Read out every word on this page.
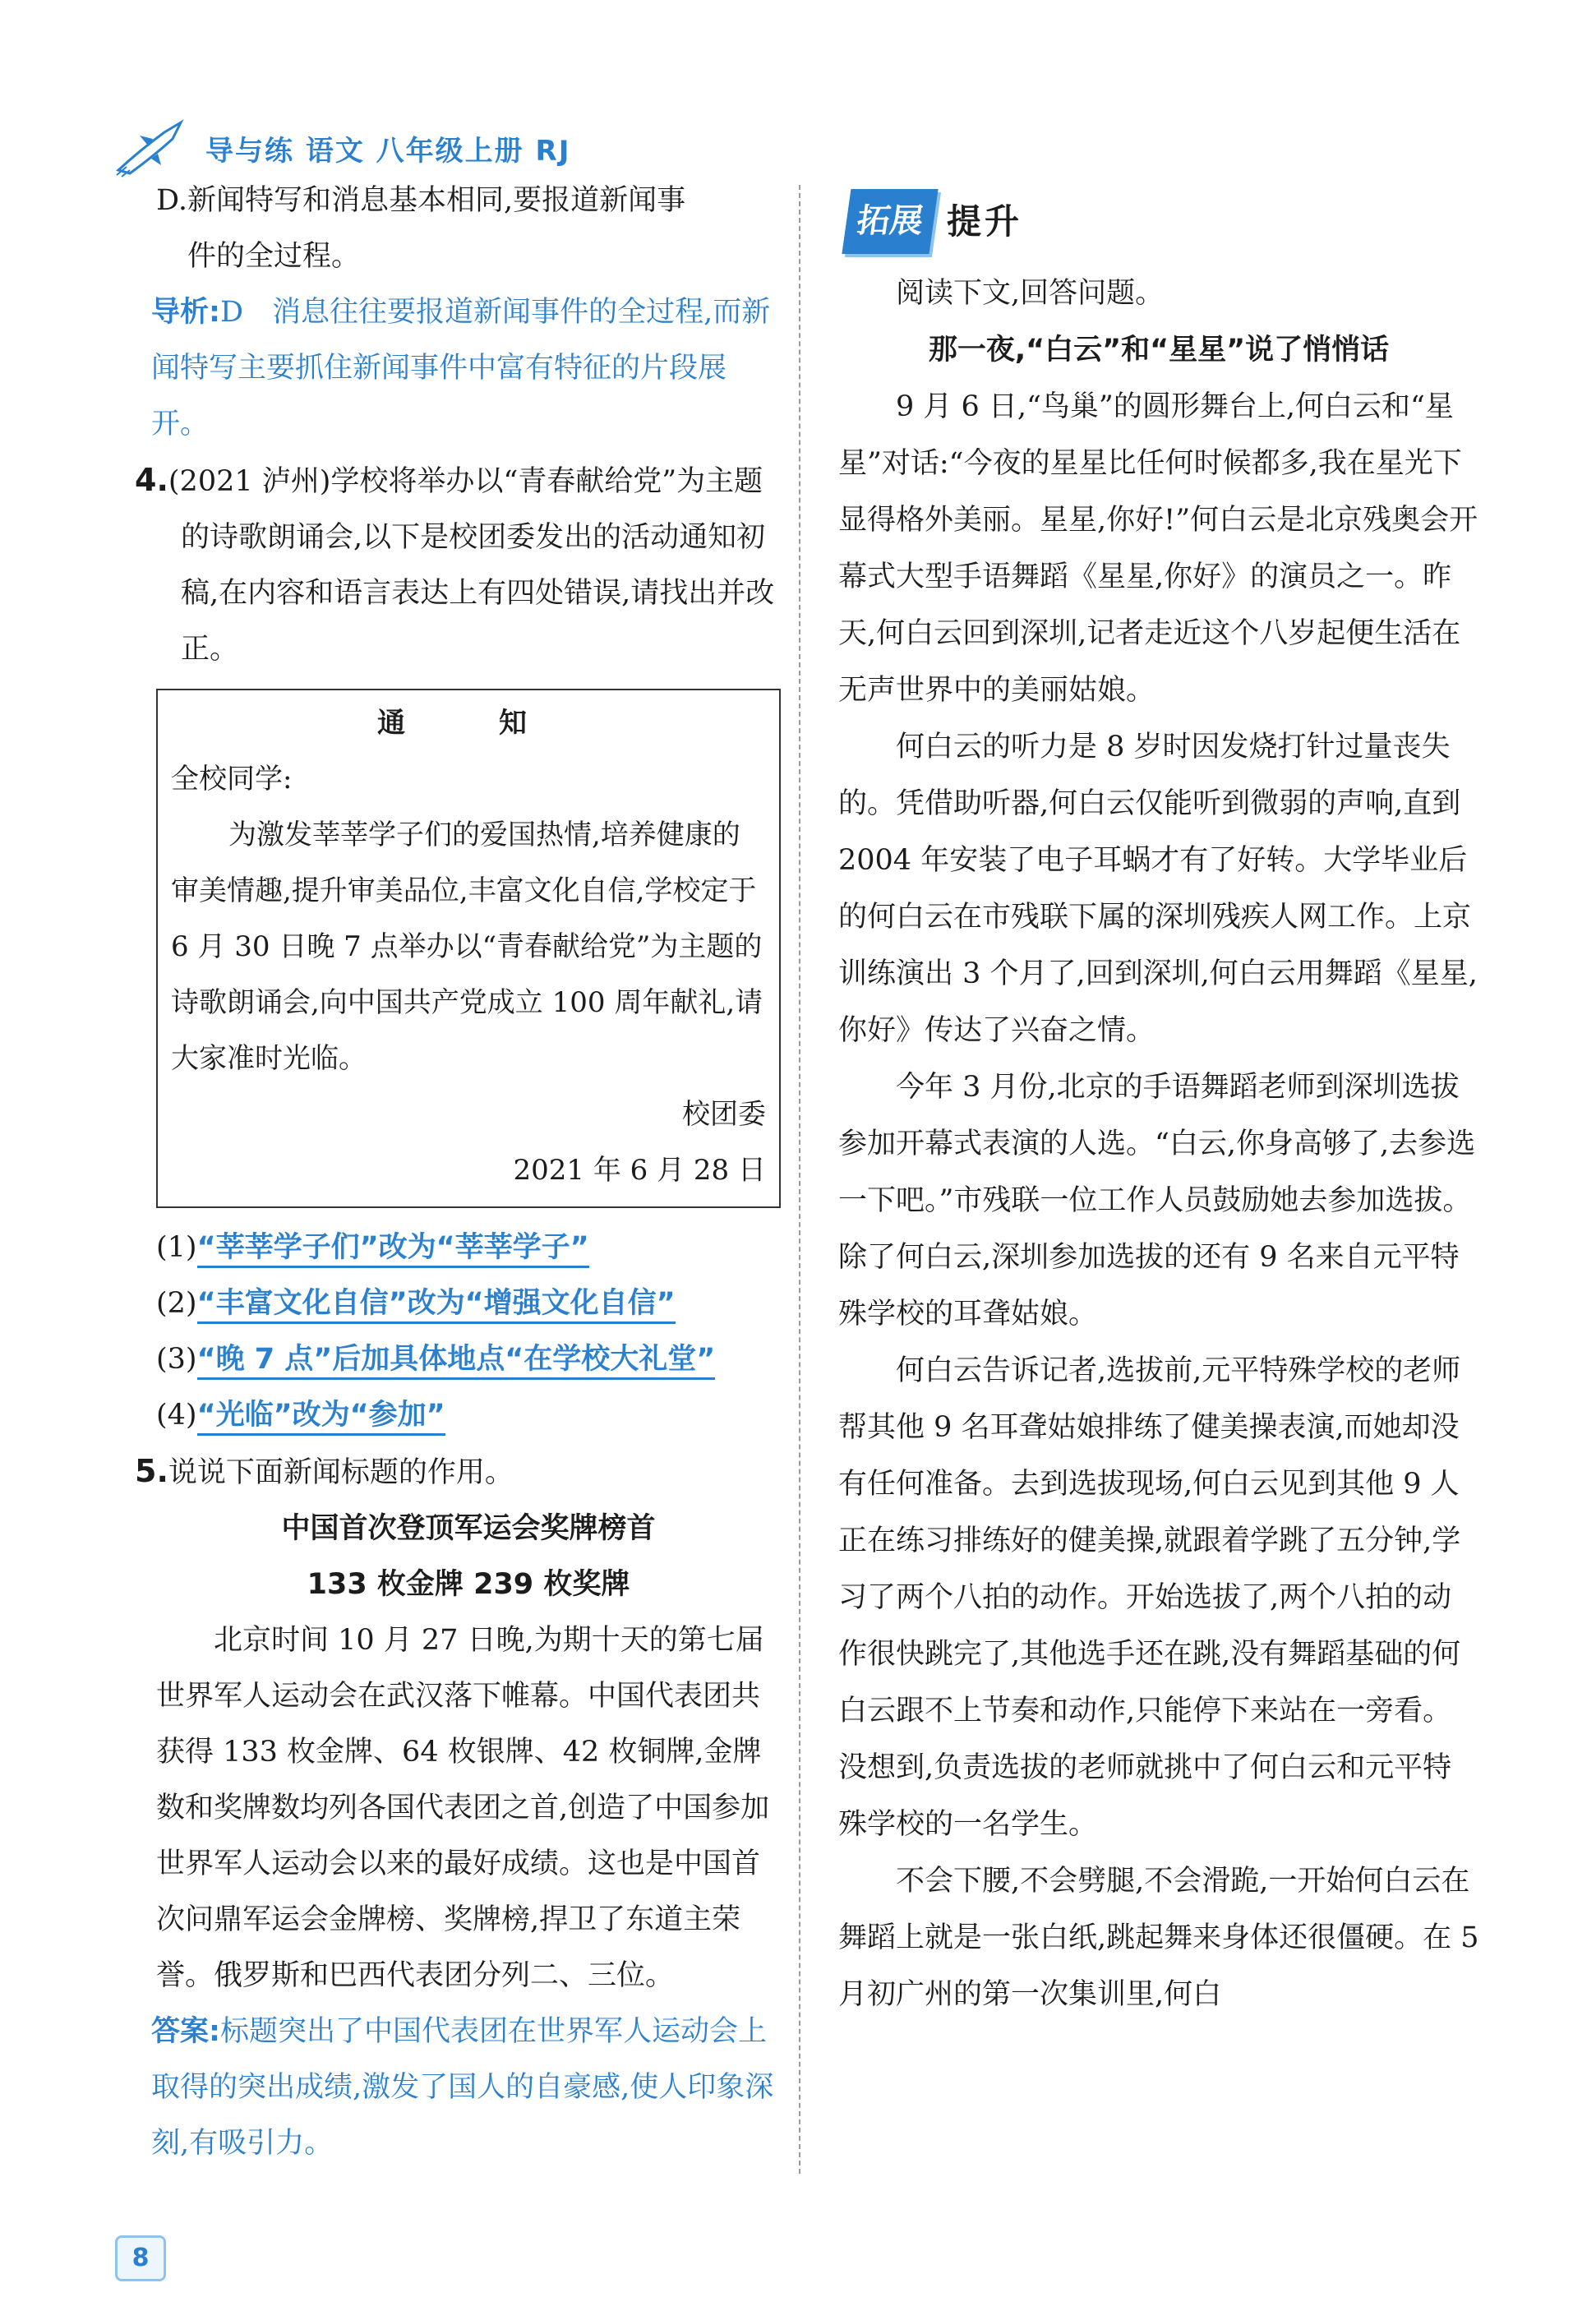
导与练 语文 八年级上册 RJ

D.新闻特写和消息基本相同,要报道新闻事
件的全过程。

导析:D　消息往往要报道新闻事件的全过程,而新闻特写主要抓住新闻事件中富有特征的片段展开。

4.(2021 泸州)学校将举办以“青春献给党”为主题的诗歌朗诵会,以下是校团委发出的活动通知初稿,在内容和语言表达上有四处错误,请找出并改正。

通　知
全校同学:
为激发莘莘学子们的爱国热情,培养健康的审美情趣,提升审美品位,丰富文化自信,学校定于 6 月 30 日晚 7 点举办以“青春献给党”为主题的诗歌朗诵会,向中国共产党成立 100 周年献礼,请大家准时光临。
校团委
2021 年 6 月 28 日

(1)“莘莘学子们”改为“莘莘学子”

(2)“丰富文化自信”改为“增强文化自信”

(3)“晚 7 点”后加具体地点“在学校大礼堂”

(4)“光临”改为“参加”

5.说说下面新闻标题的作用。

中国首次登顶军运会奖牌榜首

133 枚金牌 239 枚奖牌

北京时间 10 月 27 日晚,为期十天的第七届世界军人运动会在武汉落下帷幕。中国代表团共获得 133 枚金牌、64 枚银牌、42 枚铜牌,金牌数和奖牌数均列各国代表团之首,创造了中国参加世界军人运动会以来的最好成绩。这也是中国首次问鼎军运会金牌榜、奖牌榜,捍卫了东道主荣誉。俄罗斯和巴西代表团分列二、三位。

答案:标题突出了中国代表团在世界军人运动会上取得的突出成绩,激发了国人的自豪感,使人印象深刻,有吸引力。

拓展 提升

阅读下文,回答问题。

那一夜,“白云”和“星星”说了悄悄话

9 月 6 日,“鸟巢”的圆形舞台上,何白云和“星星”对话:“今夜的星星比任何时候都多,我在星光下显得格外美丽。星星,你好!”何白云是北京残奥会开幕式大型手语舞蹈《星星,你好》的演员之一。昨天,何白云回到深圳,记者走近这个八岁起便生活在无声世界中的美丽姑娘。

何白云的听力是 8 岁时因发烧打针过量丧失的。凭借助听器,何白云仅能听到微弱的声响,直到 2004 年安装了电子耳蜗才有了好转。大学毕业后的何白云在市残联下属的深圳残疾人网工作。上京训练演出 3 个月了,回到深圳,何白云用舞蹈《星星,你好》传达了兴奋之情。

今年 3 月份,北京的手语舞蹈老师到深圳选拔参加开幕式表演的人选。“白云,你身高够了,去参选一下吧。”市残联一位工作人员鼓励她去参加选拔。除了何白云,深圳参加选拔的还有 9 名来自元平特殊学校的耳聋姑娘。

何白云告诉记者,选拔前,元平特殊学校的老师帮其他 9 名耳聋姑娘排练了健美操表演,而她却没有任何准备。去到选拔现场,何白云见到其他 9 人正在练习排练好的健美操,就跟着学跳了五分钟,学习了两个八拍的动作。开始选拔了,两个八拍的动作很快跳完了,其他选手还在跳,没有舞蹈基础的何白云跟不上节奏和动作,只能停下来站在一旁看。没想到,负责选拔的老师就挑中了何白云和元平特殊学校的一名学生。

不会下腰,不会劈腿,不会滑跪,一开始何白云在舞蹈上就是一张白纸,跳起舞来身体还很僵硬。在 5 月初广州的第一次集训里,何白

8
